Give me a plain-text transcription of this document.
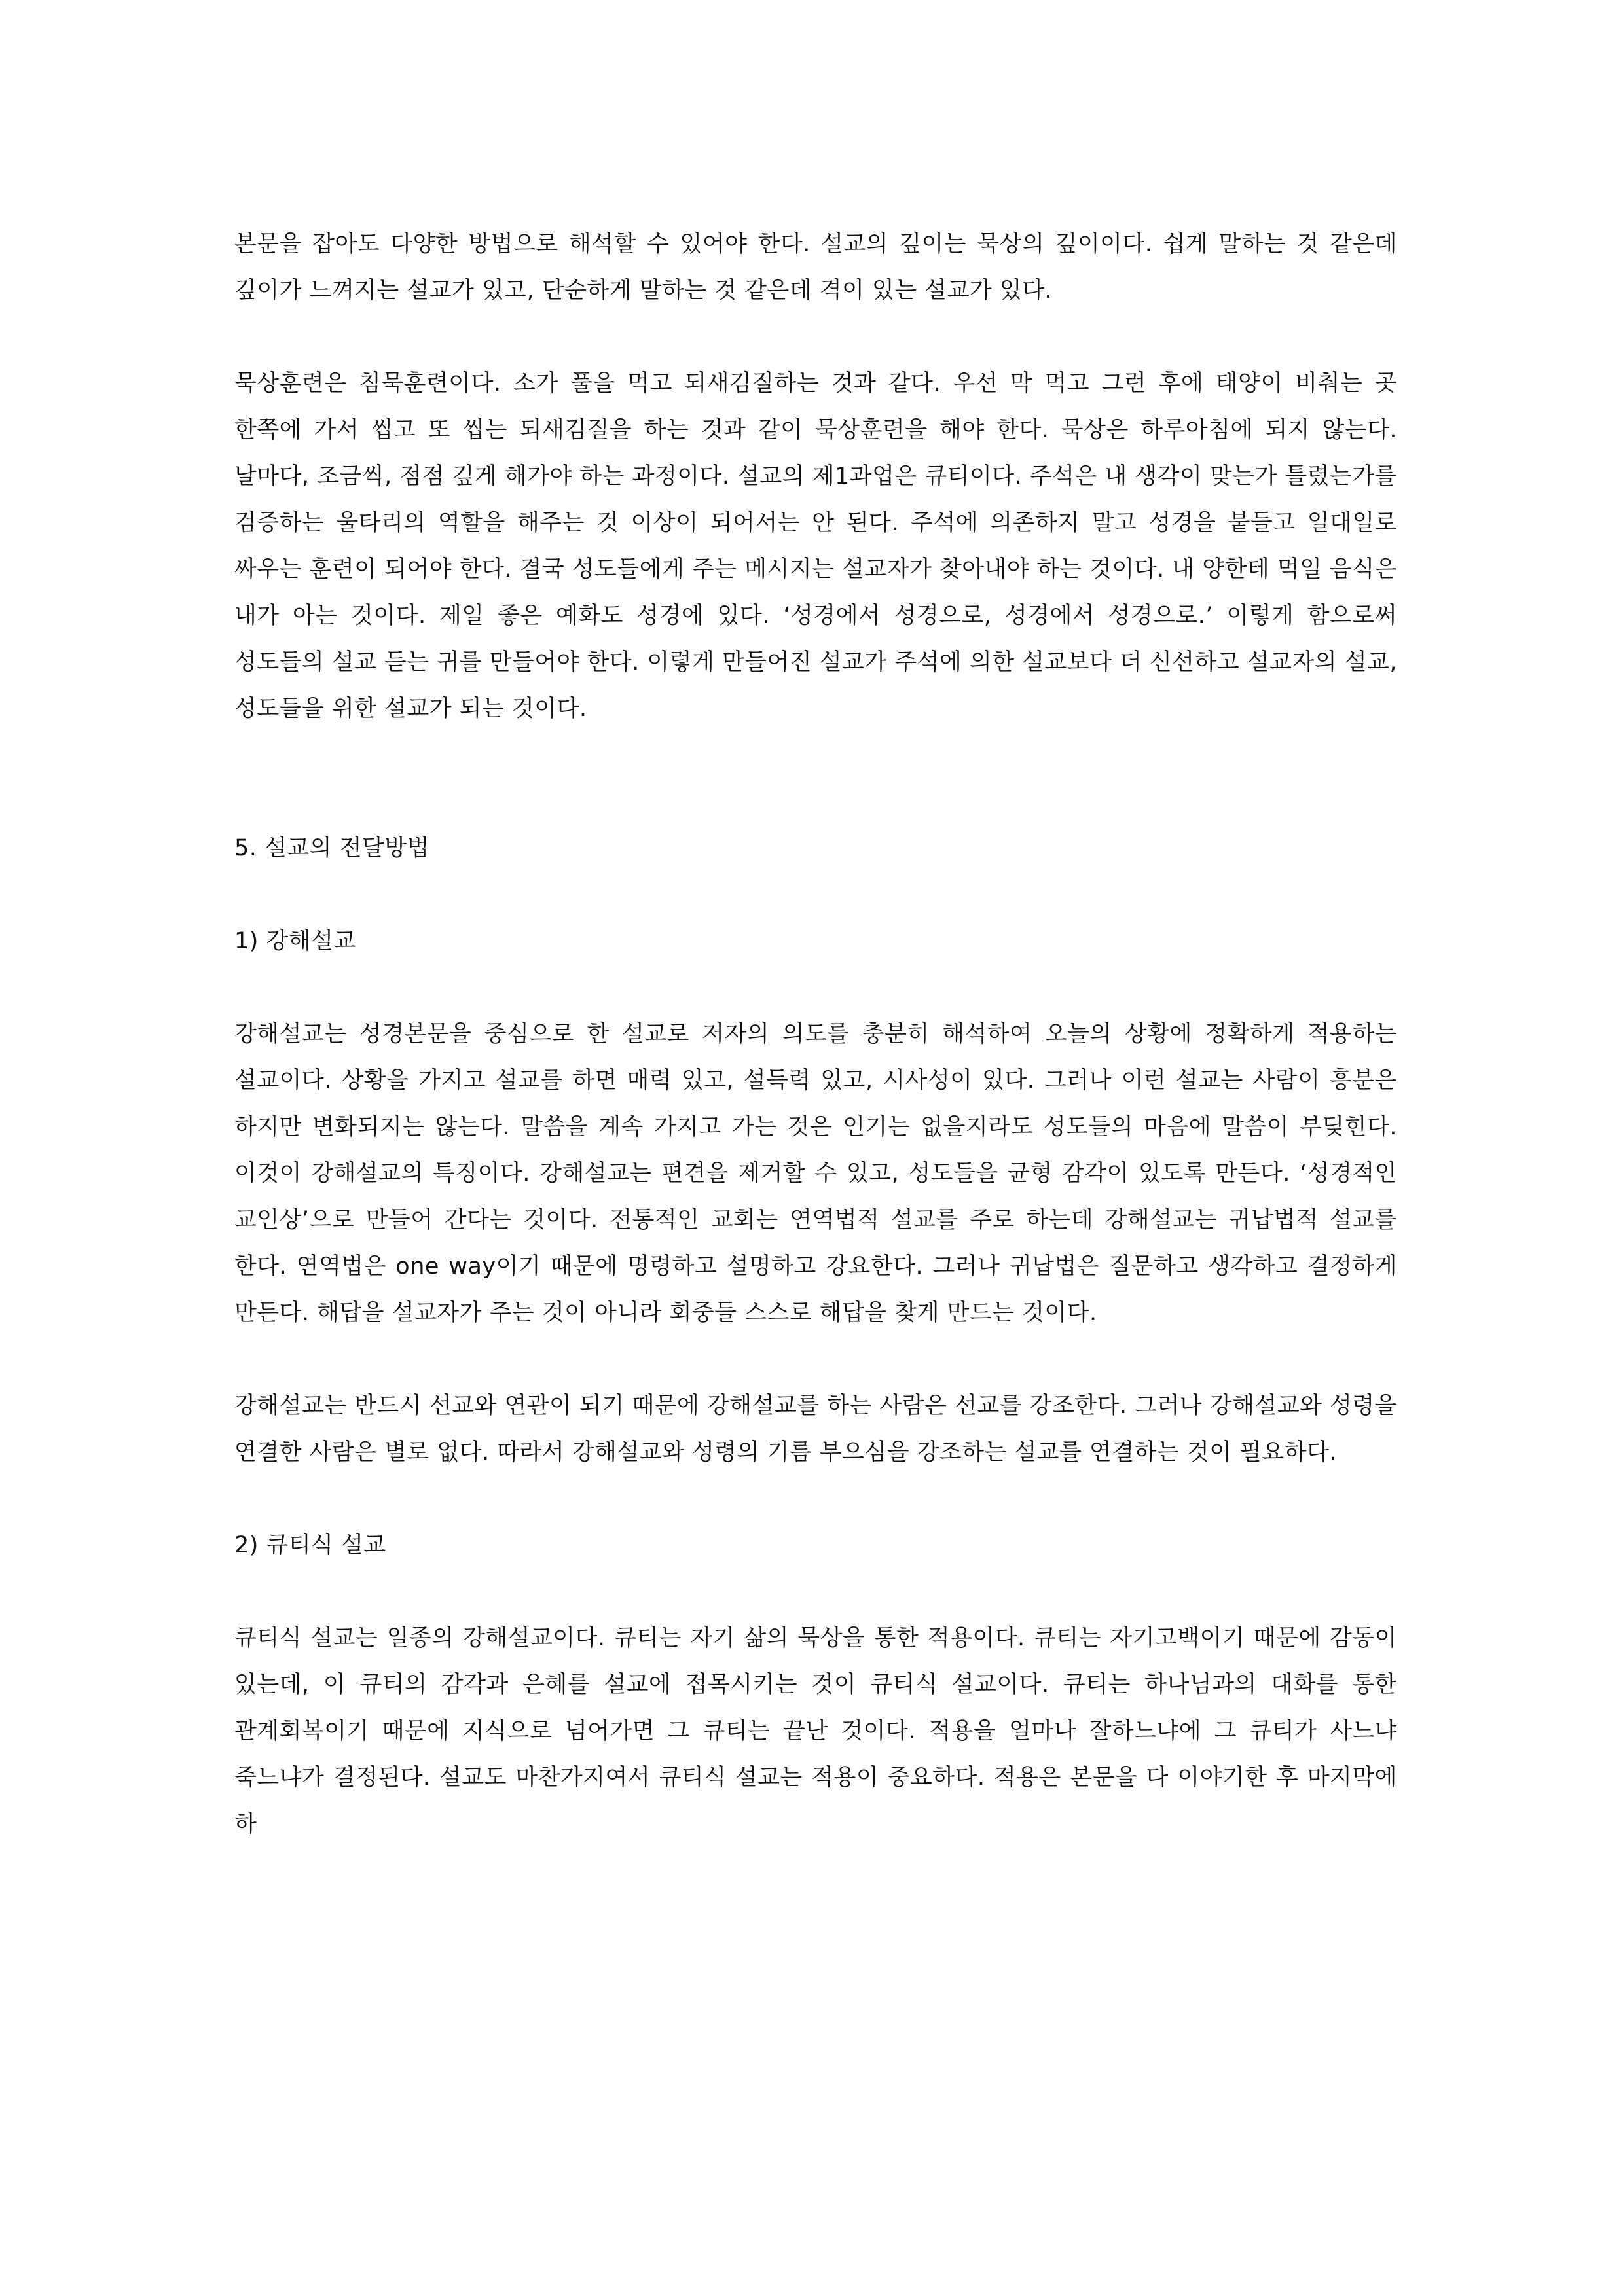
본문을 잡아도 다양한 방법으로 해석할 수 있어야 한다. 설교의 깊이는 묵상의 깊이이다. 쉽게 말하는 것 같은데 깊이가 느껴지는 설교가 있고, 단순하게 말하는 것 같은데 격이 있는 설교가 있다.

묵상훈련은 침묵훈련이다. 소가 풀을 먹고 되새김질하는 것과 같다. 우선 막 먹고 그런 후에 태양이 비춰는 곳 한쪽에 가서 씹고 또 씹는 되새김질을 하는 것과 같이 묵상훈련을 해야 한다. 묵상은 하루아침에 되지 않는다. 날마다, 조금씩, 점점 깊게 해가야 하는 과정이다. 설교의 제1과업은 큐티이다. 주석은 내 생각이 맞는가 틀렸는가를 검증하는 울타리의 역할을 해주는 것 이상이 되어서는 안 된다. 주석에 의존하지 말고 성경을 붙들고 일대일로 싸우는 훈련이 되어야 한다. 결국 성도들에게 주는 메시지는 설교자가 찾아내야 하는 것이다. 내 양한테 먹일 음식은 내가 아는 것이다. 제일 좋은 예화도 성경에 있다. ‘성경에서 성경으로, 성경에서 성경으로.’ 이렇게 함으로써 성도들의 설교 듣는 귀를 만들어야 한다. 이렇게 만들어진 설교가 주석에 의한 설교보다 더 신선하고 설교자의 설교, 성도들을 위한 설교가 되는 것이다.

5. 설교의 전달방법

1) 강해설교

강해설교는 성경본문을 중심으로 한 설교로 저자의 의도를 충분히 해석하여 오늘의 상황에 정확하게 적용하는 설교이다. 상황을 가지고 설교를 하면 매력 있고, 설득력 있고, 시사성이 있다. 그러나 이런 설교는 사람이 흥분은 하지만 변화되지는 않는다. 말씀을 계속 가지고 가는 것은 인기는 없을지라도 성도들의 마음에 말씀이 부딪힌다. 이것이 강해설교의 특징이다. 강해설교는 편견을 제거할 수 있고, 성도들을 균형 감각이 있도록 만든다. ‘성경적인 교인상’으로 만들어 간다는 것이다. 전통적인 교회는 연역법적 설교를 주로 하는데 강해설교는 귀납법적 설교를 한다. 연역법은 one way이기 때문에 명령하고 설명하고 강요한다. 그러나 귀납법은 질문하고 생각하고 결정하게 만든다. 해답을 설교자가 주는 것이 아니라 회중들 스스로 해답을 찾게 만드는 것이다.

강해설교는 반드시 선교와 연관이 되기 때문에 강해설교를 하는 사람은 선교를 강조한다. 그러나 강해설교와 성령을 연결한 사람은 별로 없다. 따라서 강해설교와 성령의 기름 부으심을 강조하는 설교를 연결하는 것이 필요하다.

2) 큐티식 설교

큐티식 설교는 일종의 강해설교이다. 큐티는 자기 삶의 묵상을 통한 적용이다. 큐티는 자기고백이기 때문에 감동이 있는데, 이 큐티의 감각과 은혜를 설교에 접목시키는 것이 큐티식 설교이다. 큐티는 하나님과의 대화를 통한 관계회복이기 때문에 지식으로 넘어가면 그 큐티는 끝난 것이다. 적용을 얼마나 잘하느냐에 그 큐티가 사느냐 죽느냐가 결정된다. 설교도 마찬가지여서 큐티식 설교는 적용이 중요하다. 적용은 본문을 다 이야기한 후 마지막에 하
